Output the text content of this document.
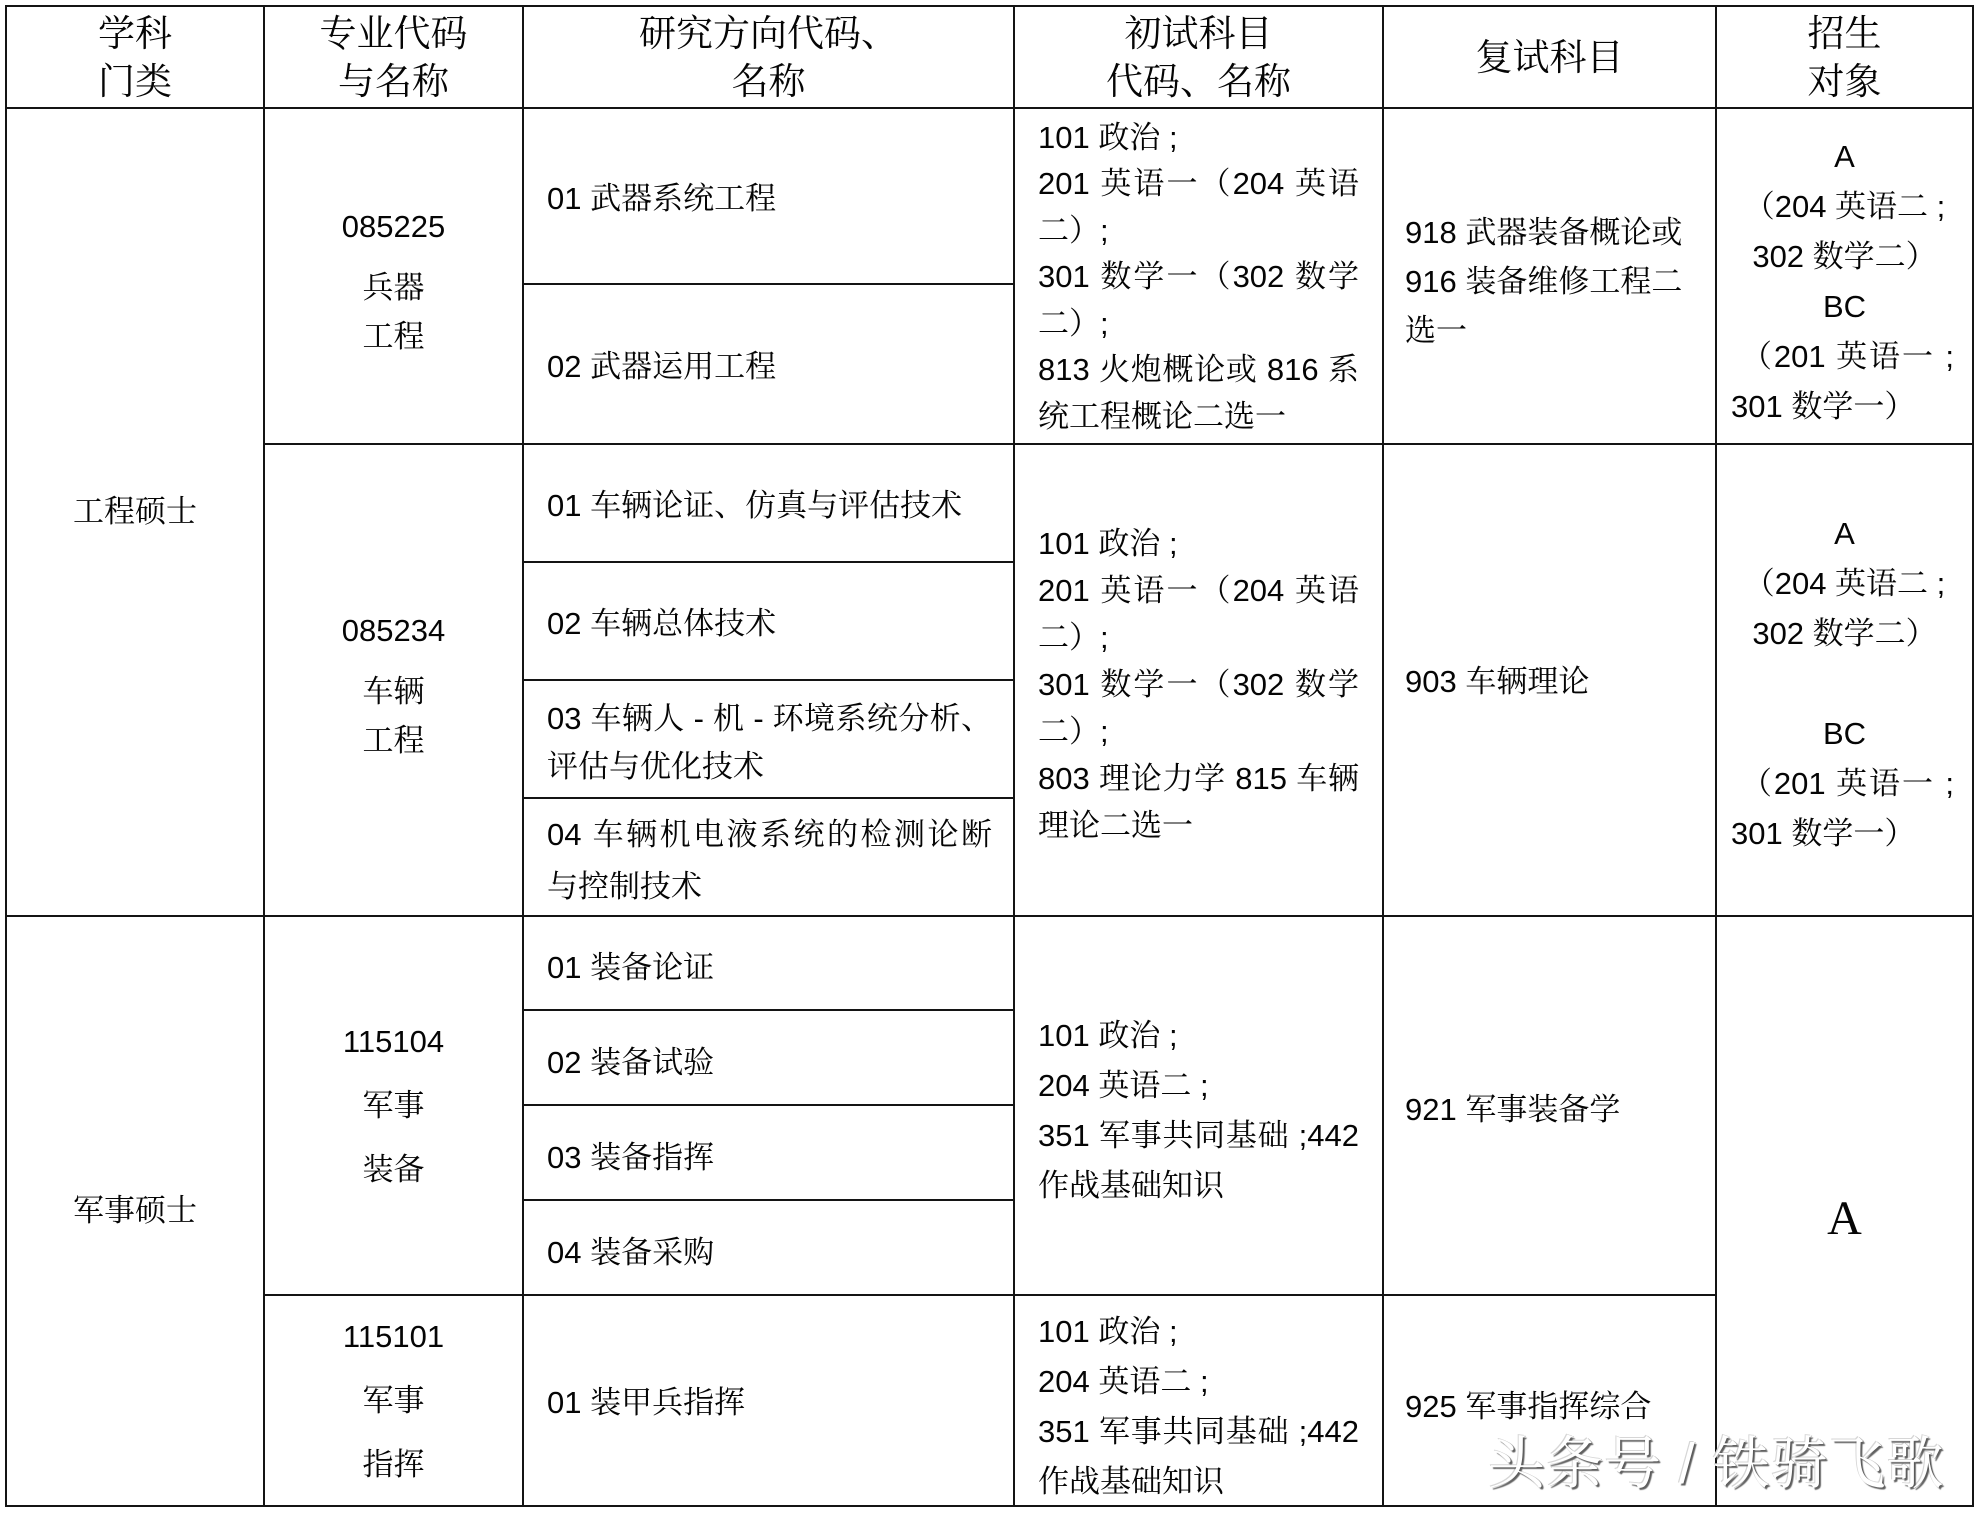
学科
门类
专业代码
与名称
研究方向代码、
名称
初试科目
代码、名称
复试科目
招生
对象
工程硕士
军事硕士
085225
兵器
工程
085234
车辆
工程
115104
军事
装备
115101
军事
指挥
01 武器系统工程
02 武器运用工程
01 车辆论证、仿真与评估技术
02 车辆总体技术
03 车辆人 - 机 - 环境系统分析、
评估与优化技术
04 车辆机电液系统的检测论断
与控制技术
01 装备论证
02 装备试验
03 装备指挥
04 装备采购
01 装甲兵指挥
101 政治 ;
201 英语一（204 英语
二）;
301 数学一（302 数学
二）;
813 火炮概论或 816 系
统工程概论二选一
101 政治 ;
201 英语一（204 英语
二）;
301 数学一（302 数学
二）;
803 理论力学 815 车辆
理论二选一
101 政治 ;
204 英语二 ;
351 军事共同基础 ;442
作战基础知识
101 政治 ;
204 英语二 ;
351 军事共同基础 ;442
作战基础知识
918 武器装备概论或
916 装备维修工程二
选一
903 车辆理论
921 军事装备学
925 军事指挥综合
A
（204 英语二 ;
302 数学二）
BC
（201 英语一 ;
301 数学一）
A
（204 英语二 ;
302 数学二）
BC
（201 英语一 ;
301 数学一）
A
头条号 / 铁骑飞歌
